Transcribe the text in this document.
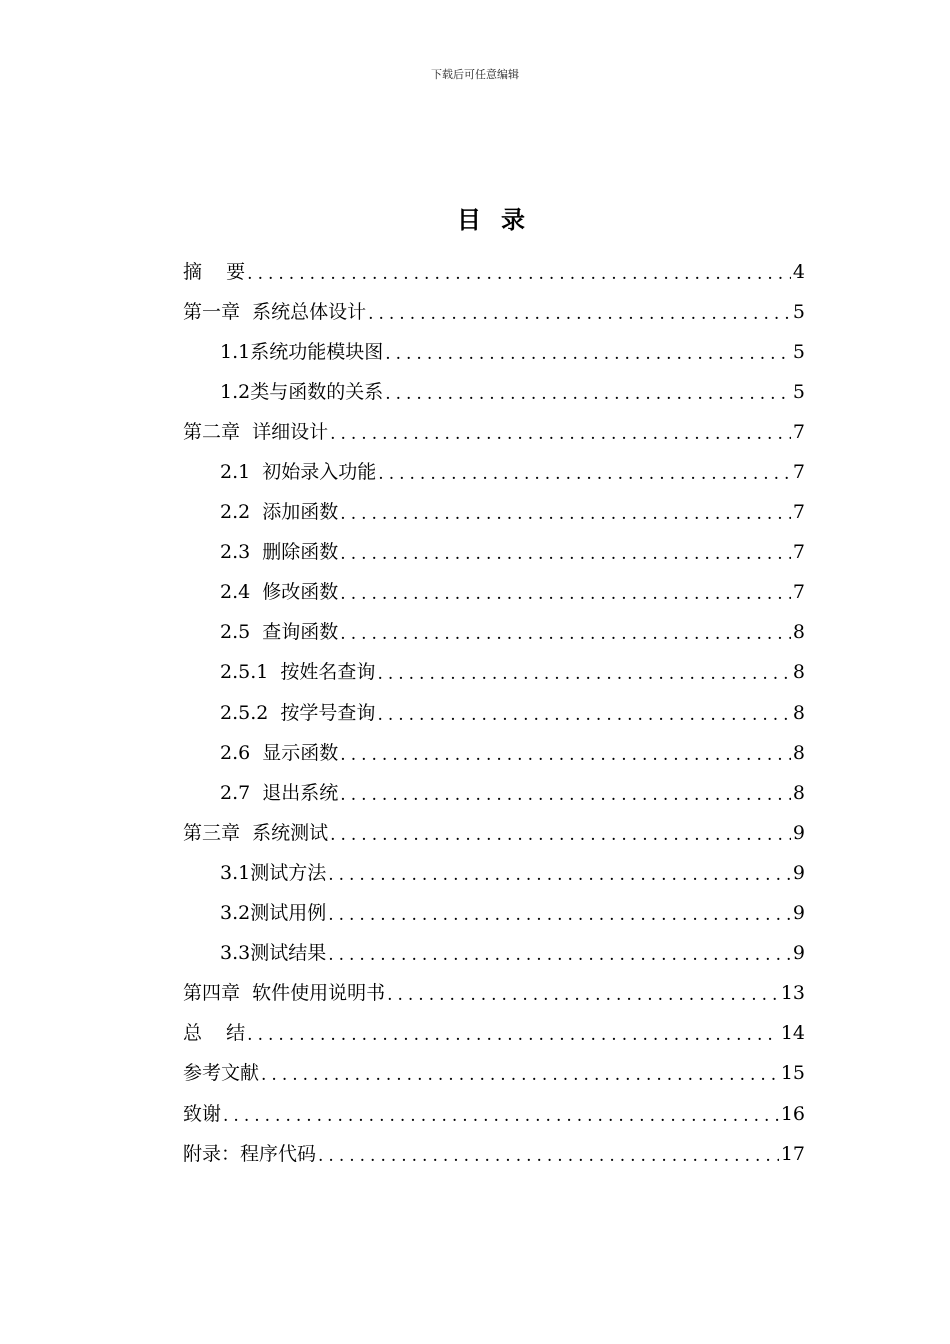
下载后可任意编辑
目录
摘    要 .....	4
第一章  系统总体设计 .....	5
1.1系统功能模块图 .....	5
1.2类与函数的关系 .....	5
第二章  详细设计 .....	7
2.1  初始录入功能 .....	7
2.2  添加函数 .....	7
2.3  删除函数 .....	7
2.4  修改函数 .....	7
2.5  查询函数 .....	8
2.5.1  按姓名查询 .....	8
2.5.2  按学号查询 .....	8
2.6  显示函数 .....	8
2.7  退出系统 .....	8
第三章  系统测试 .....	9
3.1测试方法 .....	9
3.2测试用例 .....	9
3.3测试结果 .....	9
第四章  软件使用说明书 .....	13
总    结 .....	14
参考文献 .....	15
致谢 .....	16
附录：程序代码 .....	17
